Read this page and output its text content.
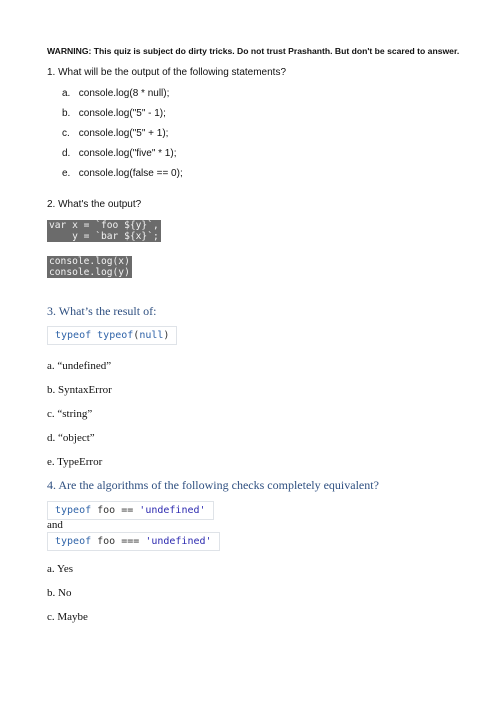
WARNING: This quiz is subject do dirty tricks. Do not trust Prashanth. But don't be scared to answer.
1. What will be the output of the following statements?
a. console.log(8 * null);
b. console.log("5" - 1);
c. console.log("5" + 1);
d. console.log("five" * 1);
e. console.log(false == 0);
2. What's the output?
var x = `foo ${y}`,
y = `bar ${x}`;
console.log(x)
console.log(y)
3. What’s the result of:
typeof typeof(null)
a. “undefined”
b. SyntaxError
c. “string”
d. “object”
e. TypeError
4. Are the algorithms of the following checks completely equivalent?
typeof foo == 'undefined'
and
typeof foo === 'undefined'
a. Yes
b. No
c. Maybe
